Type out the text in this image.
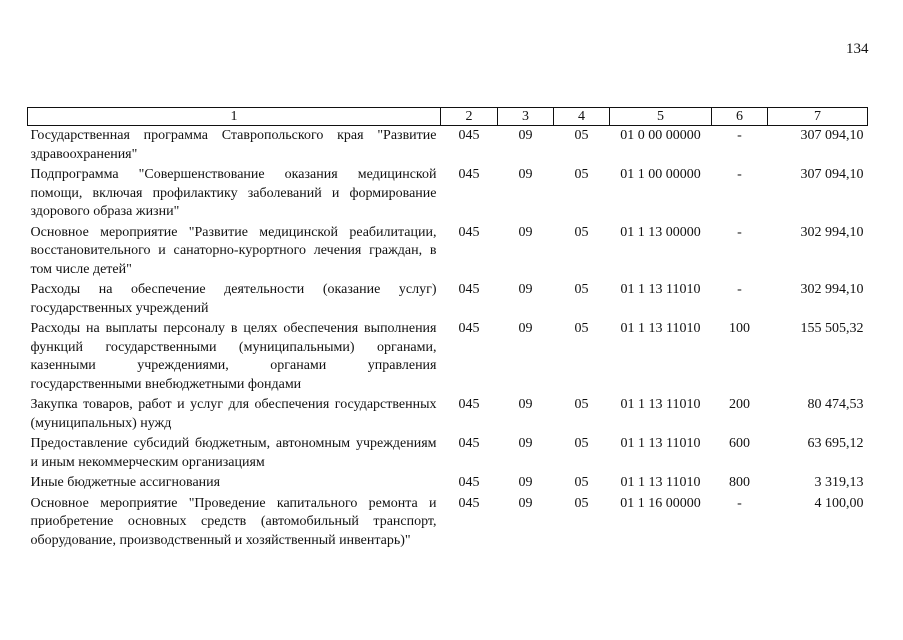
134
1	2	3	4	5	6	7
Государственная программа Ставропольского края "Развитие здравоохранения"	045	09	05	01 0 00 00000	-	307 094,10
Подпрограмма "Совершенствование оказания медицинской помощи, включая профилактику заболеваний и формирование здорового образа жизни"	045	09	05	01 1 00 00000	-	307 094,10
Основное мероприятие "Развитие медицинской реабилитации, восстановительного и санаторно-курортного лечения граждан, в том числе детей"	045	09	05	01 1 13 00000	-	302 994,10
Расходы на обеспечение деятельности (оказание услуг) государственных учреждений	045	09	05	01 1 13 11010	-	302 994,10
Расходы на выплаты персоналу в целях обеспечения выполнения функций государственными (муниципальными) органами, казенными учреждениями, органами управления государственными внебюджетными фондами	045	09	05	01 1 13 11010	100	155 505,32
Закупка товаров, работ и услуг для обеспечения государственных (муниципальных) нужд	045	09	05	01 1 13 11010	200	80 474,53
Предоставление субсидий бюджетным, автономным учреждениям и иным некоммерческим организациям	045	09	05	01 1 13 11010	600	63 695,12
Иные бюджетные ассигнования	045	09	05	01 1 13 11010	800	3 319,13
Основное мероприятие "Проведение капитального ремонта и приобретение основных средств (автомобильный транспорт, оборудование, производственный и хозяйственный инвентарь)"	045	09	05	01 1 16 00000	-	4 100,00
